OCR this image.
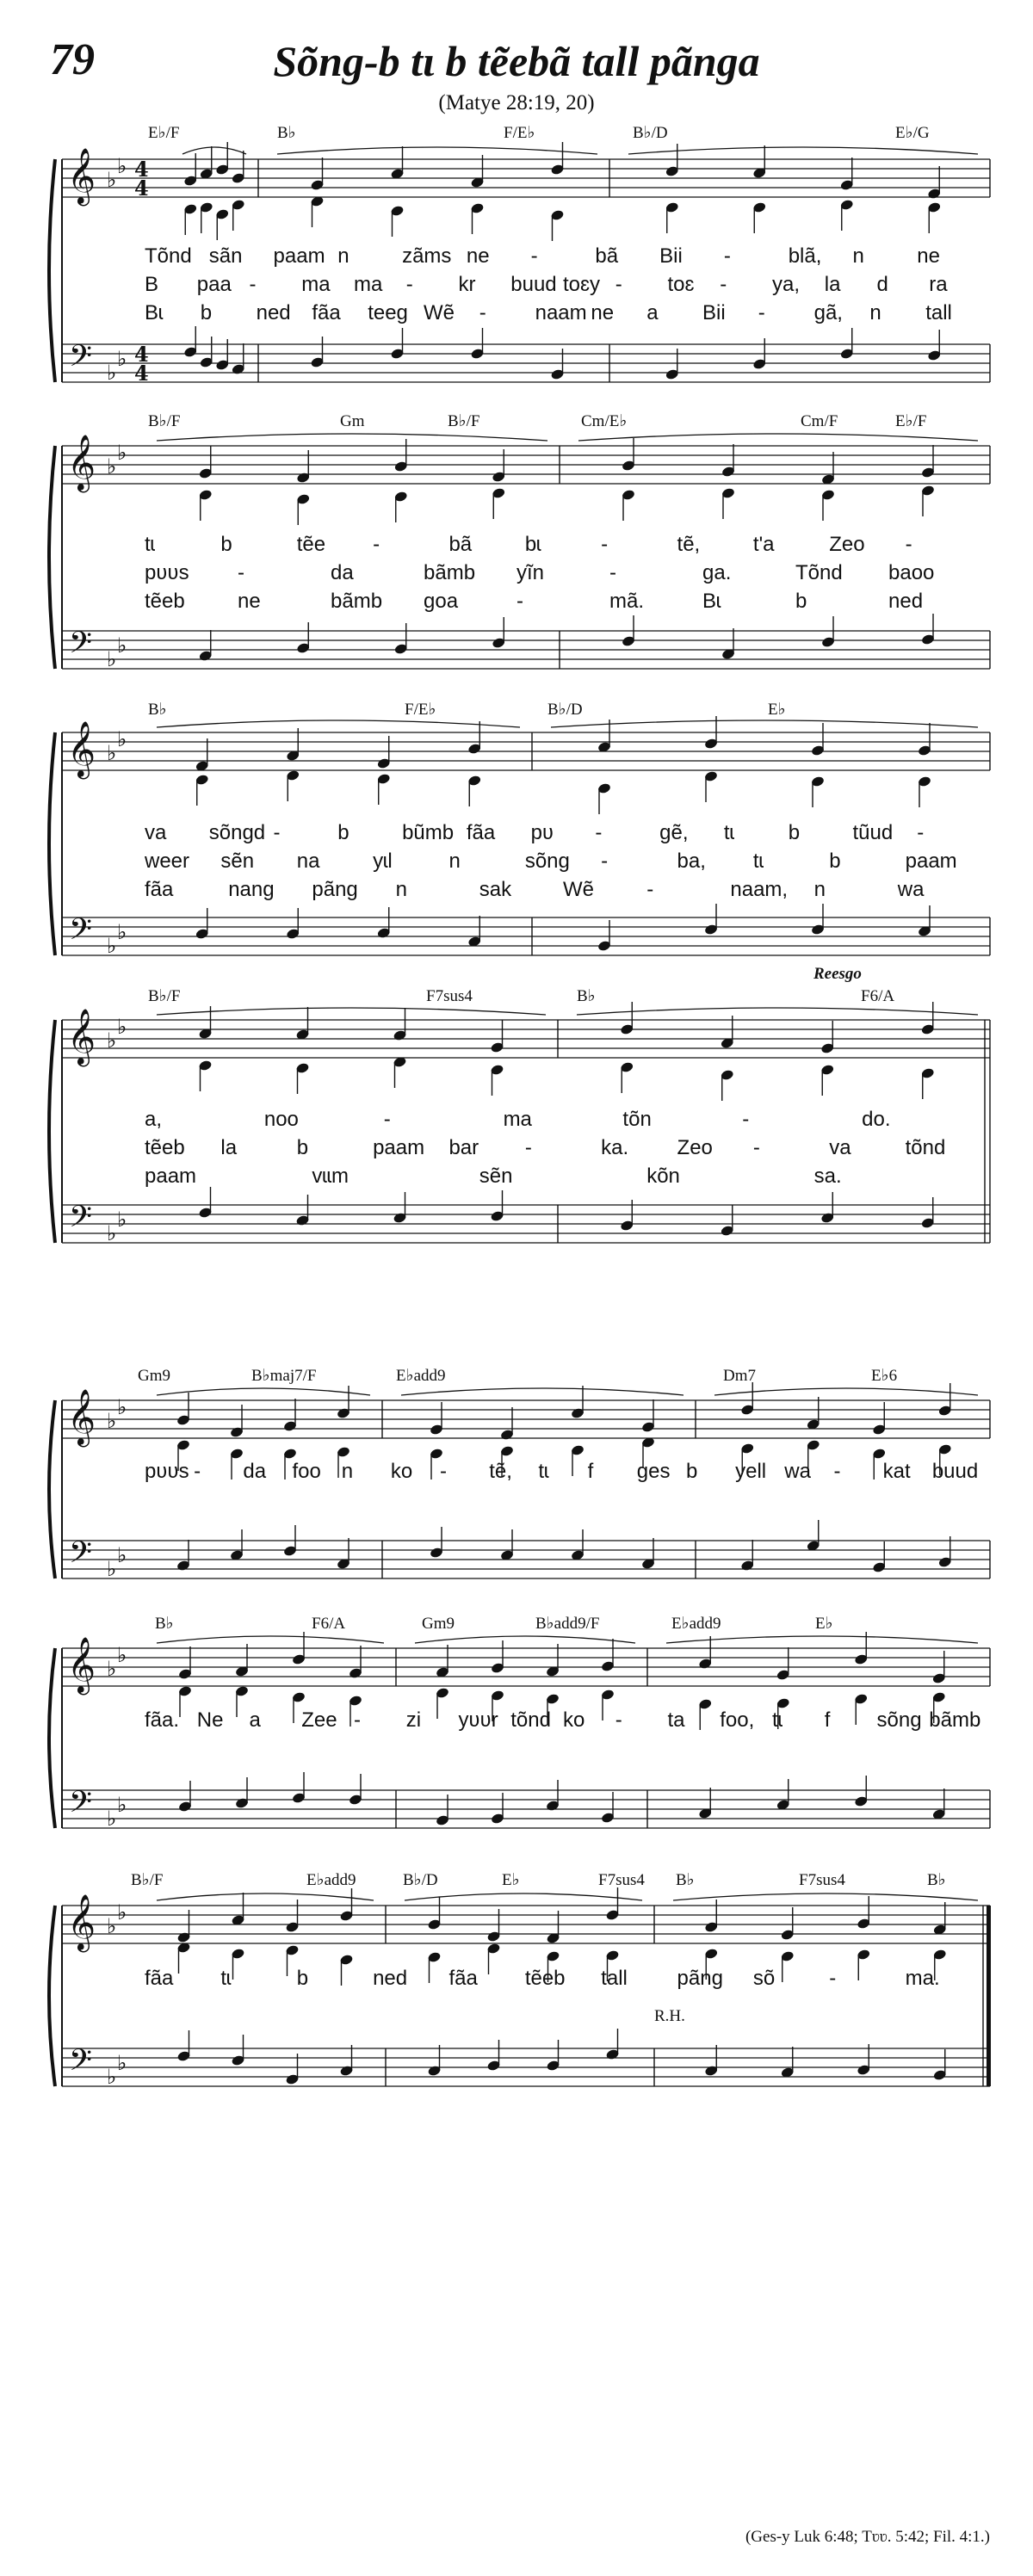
79	Sõng-b tɩ b tẽebã tall pãnga
(Matye 28:19, 20)
(Ges-y Luk 6:48; Tʋʋ. 5:42; Fil. 4:1.)
𝄞
𝄢
♭
♭
♭
♭
4
4
4
4
E♭/F	B♭	F/E♭	B♭/D	E♭/G
Tõnd sãn paam n	zãms ne -	bã Bii -	blã, n	ne
B paa - ma ma - kr buud toɛy - toɛ - ya, la d ra
Bɩ b ned fãa teeg Wẽ - naam ne a Bii - gã, n tall
𝄞
𝄢
♭
♭
♭
♭
B♭/F	Gm	B♭/F	Cm/E♭	Cm/F	E♭/F
tɩ	b	tẽe -	bã	bɩ	-	tẽ,	t'a	Zeo -
pʋʋs -	da	bãmb yĩn	-	ga.	Tõnd baoo
tẽeb	ne	bãmb goa	-	mã.	Bɩ	b	ned
𝄞
𝄢
♭
♭
♭
♭
B♭	F/E♭	B♭/D	E♭
va sõngd -	b	bũmb fãa pʋ -	gẽ, tɩ	b	tũud -
weer sẽn na	yɩl	n	sõng -	ba, tɩ	b	paam
fãa	nang pãng n	sak Wẽ	-	naam, n	wa
𝄞
𝄢
♭
♭
♭
♭
B♭/F	F7sus4	B♭	F6/A
Reesgo
a,	noo	-	ma	tõn	-	do.
tẽeb la	b	paam bar -	ka. Zeo -	va	tõnd
paam	vɩɩm	sẽn	kõn	sa.
𝄞
𝄢
♭
♭
♭
♭
Gm9	B♭maj7/F	E♭add9	Dm7	E♭6
pʋʋs - da foo n ko - tẽ, tɩ f ges b yell wa - kat buud
𝄞
𝄢
♭
♭
♭
♭
B♭	F6/A	Gm9	B♭add9/F	E♭add9	E♭
fãa. Ne a Zee - zi yʋʋr tõnd ko - ta foo, tɩ f sõng bãmb
𝄞
𝄢
♭
♭
♭
♭
B♭/F	E♭add9	B♭/D	E♭	F7sus4 B♭	F7sus4	B♭
R.H.
fãa tɩ	b	ned fãa tẽeb tall pãng sõ	-	ma.
